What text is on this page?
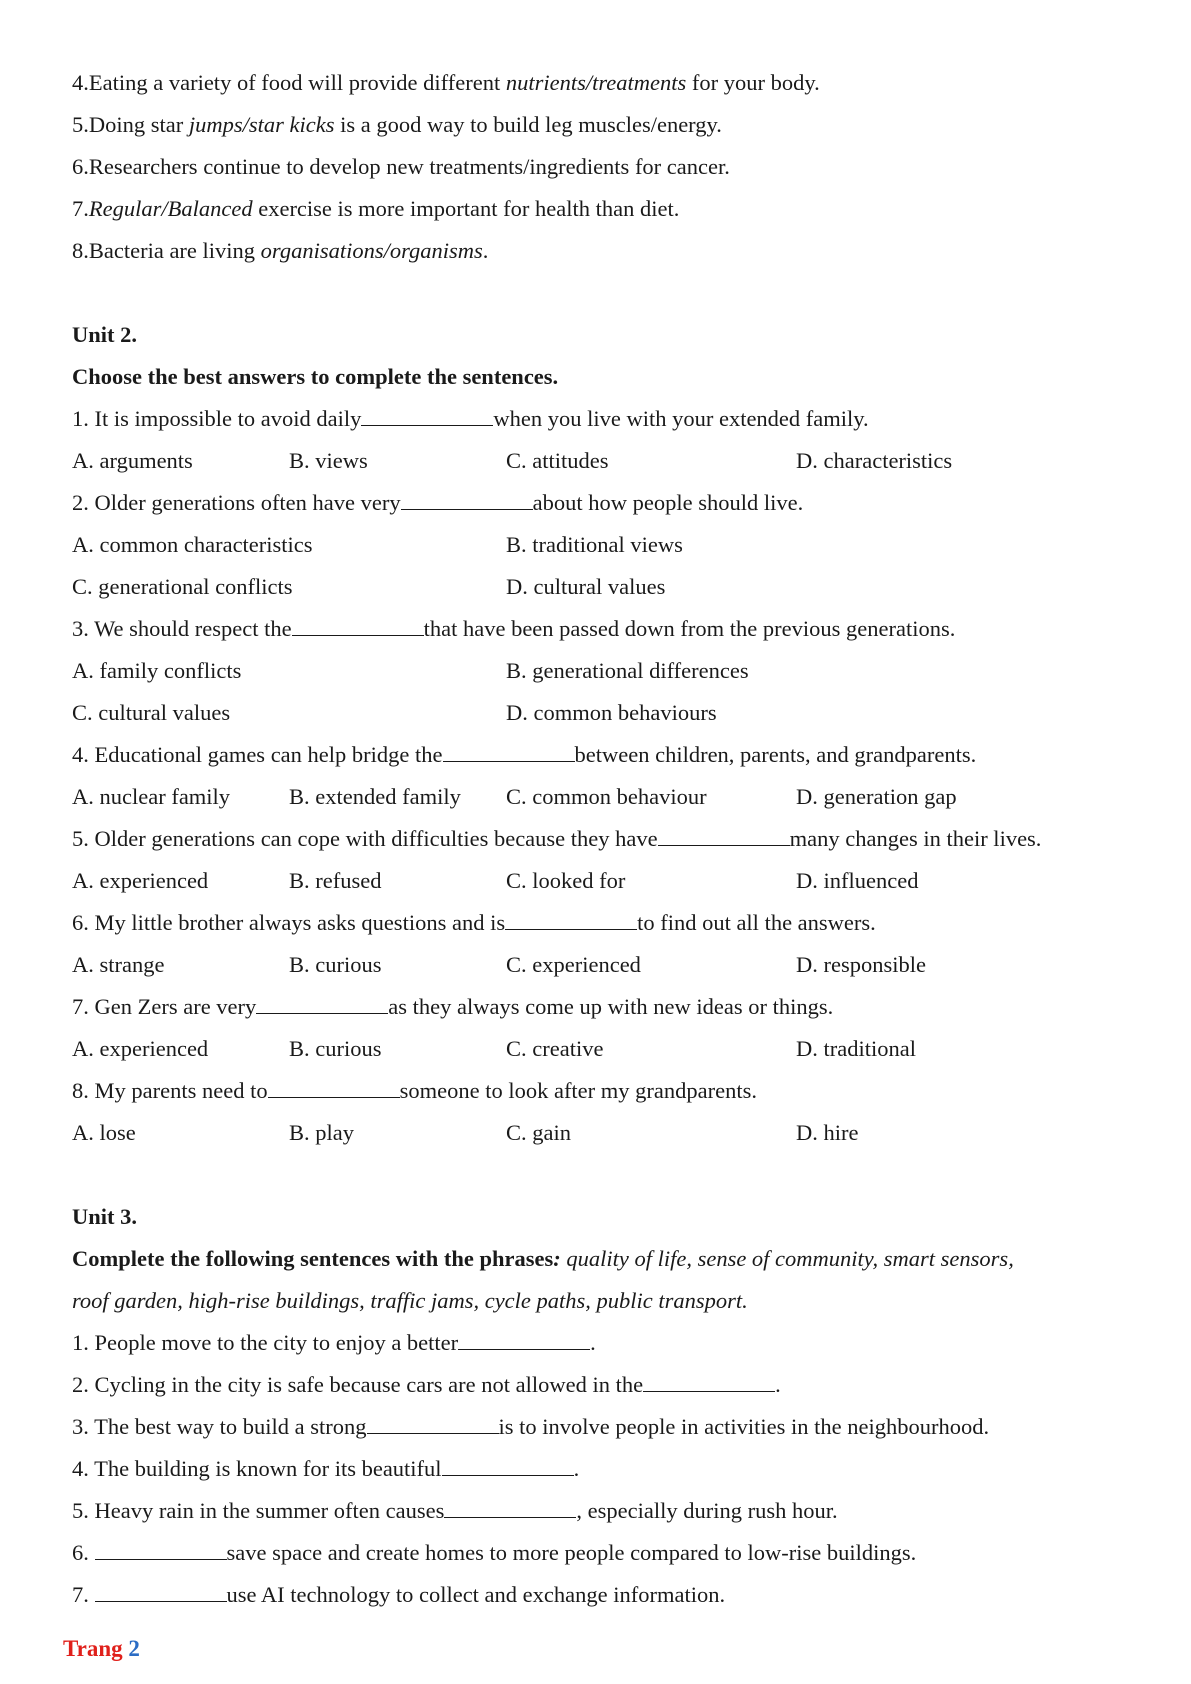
4.Eating a variety of food will provide different nutrients/treatments for your body.
5.Doing star jumps/star kicks is a good way to build leg muscles/energy.
6.Researchers continue to develop new treatments/ingredients for cancer.
7.Regular/Balanced exercise is more important for health than diet.
8.Bacteria are living organisations/organisms.
Unit 2.
Choose the best answers to complete the sentences.
1. It is impossible to avoid daily	when you live with your extended family.
A. arguments	B. views	C. attitudes	D. characteristics
2. Older generations often have very	about how people should live.
A. common characteristics	B. traditional views
C. generational conflicts	D. cultural values
3. We should respect the	that have been passed down from the previous generations.
A. family conflicts	B. generational differences
C. cultural values	D. common behaviours
4. Educational games can help bridge the	between children, parents, and grandparents.
A. nuclear family	B. extended family C. common behaviour	D. generation gap
5. Older generations can cope with difficulties because they have	many changes in their lives.
A. experienced	B. refused	C. looked for	D. influenced
6. My little brother always asks questions and is	to find out all the answers.
A. strange	B. curious	C. experienced	D. responsible
7. Gen Zers are very	as they always come up with new ideas or things.
A. experienced	B. curious	C. creative	D. traditional
8. My parents need to	someone to look after my grandparents.
A. lose	B. play	C. gain	D. hire
Unit 3.
Complete the following sentences with the phrases: quality of life, sense of community, smart sensors,
roof garden, high-rise buildings, traffic jams, cycle paths, public transport.
1. People move to the city to enjoy a better	.
2. Cycling in the city is safe because cars are not allowed in the	.
3. The best way to build a strong	is to involve people in activities in the neighbourhood.
4. The building is known for its beautiful	.
5. Heavy rain in the summer often causes	, especially during rush hour.
6.	save space and create homes to more people compared to low-rise buildings.
7.	use AI technology to collect and exchange information.
Trang 2
